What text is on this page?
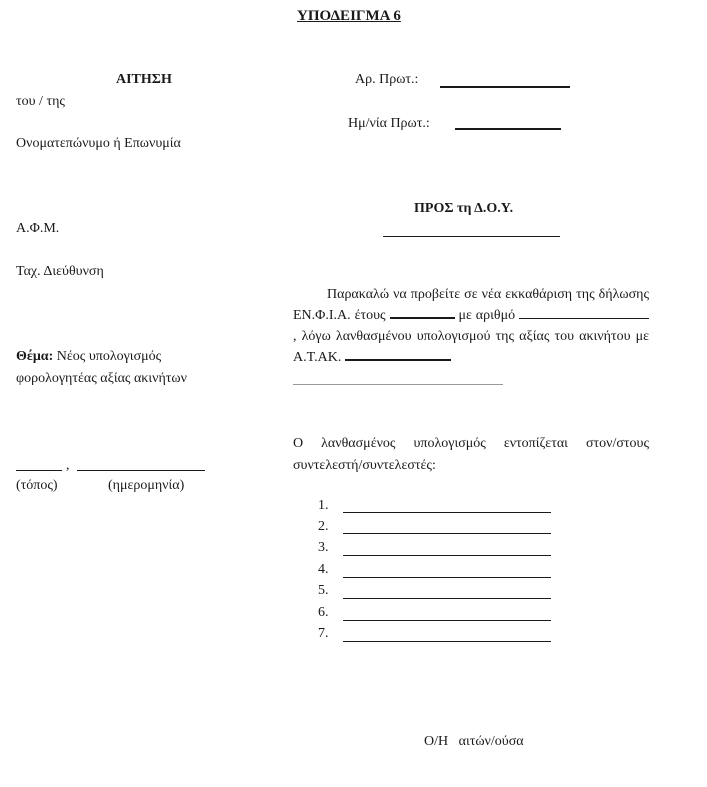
ΥΠΟΔΕΙΓΜΑ 6
ΑΙΤΗΣΗ
του / της
Ονοματεπώνυμο ή Επωνυμία
Α.Φ.Μ.
Ταχ. Διεύθυνση
Θέμα: Νέος υπολογισμός
φορολογητέας αξίας ακινήτων
,
(τόπος)	(ημερομηνία)
Αρ. Πρωτ.:
Ημ/νία Πρωτ.:
ΠΡΟΣ τη Δ.Ο.Υ.
Παρακαλώ να προβείτε σε νέα εκκαθάριση της δήλωσης ΕΝ.Φ.Ι.Α. έτους	με αριθμό , λόγω λανθασμένου υπολογισμού της αξίας του ακινήτου με Α.Τ.ΑΚ.
Ο λανθασμένος υπολογισμός εντοπίζεται στον/στους συντελεστή/συντελεστές:
1.
2.
3.
4.
5.
6.
7.
Ο/Η   αιτών/ούσα
